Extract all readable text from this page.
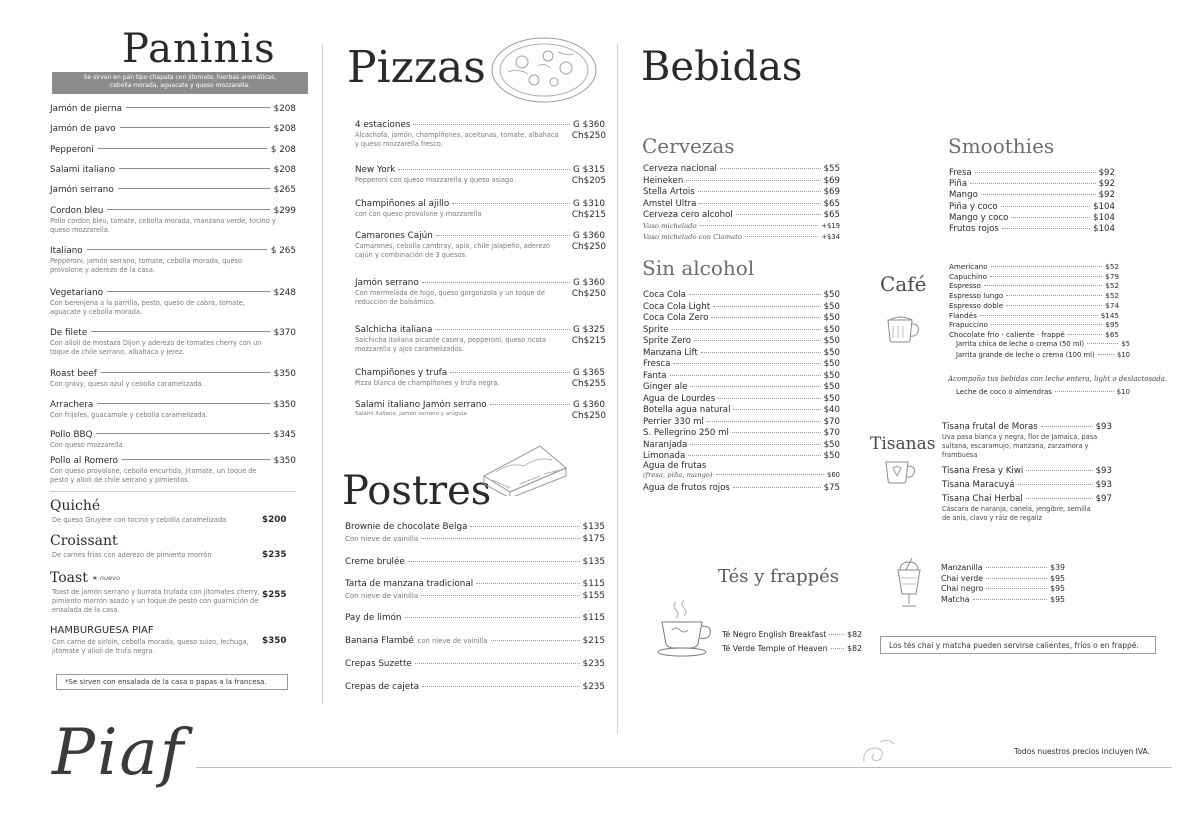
Paninis
Se sirven en pan tipo chapata con jitomate, hierbas aromáticas,
cebolla morada, aguacate y queso mozzarella.
Jamón de pierna	$208
Jamón de pavo	$208
Pepperoni	$ 208
Salami italiano	$208
Jamón serrano	$265
Cordon bleu	$299
Pollo cordon bleu, tomate, cebolla morada, manzana verde, tocino y queso mozzarella.
Italiano	$ 265
Pepperoni, jamón serrano, tomate, cebolla morada, queso provolone y aderezo de la casa.
Vegetariano	$248
Con berenjena a la parrilla, pesto, queso de cabra, tomate, aguacate y cebolla morada.
De filete	$370
Con alioli de mostaza Dijon y aderezo de tomates cherry con un toque de chile serrano, albahaca y jerez.
Roast beef	$350
Con gravy, queso azul y cebolla caramelizada.
Arrachera	$350
Con frijoles, guacamole y cebolla caramelizada.
Pollo BBQ	$345
Con queso mozzarella.
Pollo al Romero	$350
Con queso provolone, cebolla encurtida, jitomate, un toque de pesto y alioli de chile serrano y pimientos.
Quiché
De queso Gruyère con tocino y cebolla caramelizada	$200
Croissant
De carnes frías con aderezo de pimiento morrón	$235
Toast ★ nuevo
Toast de jamón serrano y burrata trufada con jitomates cherry, pimiento morrón asado y un toque de pesto con guarnición de ensalada de la casa.
$255
HAMBURGUESA PIAF
Con carne de sirloin, cebolla morada, queso suizo, lechuga, jitomate y alioli de trufa negra.
$350
*Se sirven con ensalada de la casa o papas a la francesa.
Pizzas
4 estaciones	G $360
Ch$250
Alcachofa, jamón, champiñones, aceitunas, tomate, albahaca y queso mozzarella fresco.
New York	G $315
Ch$205
Pepperoni con queso mozzarella y queso asiago.
Champiñones al ajillo	G $310
Ch$215
con con queso provolone y mozzarella
Camarones Cajún	G $360
Ch$250
Camarones, cebolla cambray, apio, chile jalapeño, aderezo cajún y combinación de 3 quesos.
Jamón serrano	G $360
Ch$250
Con mermelada de higo, queso gorgonzola y un toque de reducción de balsámico.
Salchicha italiana	G $325
Ch$215
Salchicha italiana picante casera, pepperoni, queso ricota mozzarella y ajos caramelizados.
Champiñones y trufa	G $365
Ch$255
Pizza blanca de champiñones y trufa negra.
Salami italiano Jamón serrano	G $360
Ch$250
Salami italiano, jamón serrano y arúgula
Postres
Brownie de chocolate Belga	$135
Con nieve de vainilla	$175
Creme brulée	$135
Tarta de manzana tradicional	$115
Con nieve de vainilla	$155
Pay de limón	$115
Banana Flambé con nieve de vainilla	$215
Crepas Suzette	$235
Crepas de cajeta	$235
Bebidas
Cervezas
Cerveza nacional	$55
Heineken	$69
Stella Artois	$69
Amstel Ultra	$65
Cerveza cero alcohol	$65
Vaso michelado	+$19
Vaso michelado con Clamato	+$34
Sin alcohol
Coca Cola	$50
Coca Cola Light	$50
Coca Cola Zero	$50
Sprite	$50
Sprite Zero	$50
Manzana Lift	$50
Fresca	$50
Fanta	$50
Ginger ale	$50
Agua de Lourdes	$50
Botella agua natural	$40
Perrier 330 ml	$70
S. Pellegrino 250 ml	$70
Naranjada	$50
Limonada	$50
Agua de frutas
(fresa, piña, mango)	$60
Agua de frutos rojos	$75
Smoothies
Fresa	$92
Piña	$92
Mango	$92
Piña y coco	$104
Mango y coco	$104
Frutos rojos	$104
Café
Americano	$52
Capuchino	$79
Espresso	$52
Espresso lungo	$52
Espresso doble	$74
Flandés	$145
Frapuccino	$95
Chocolate frío · caliente · frappé	$65
Jarrita chica de leche o crema (50 ml)	$5
Jarrita grande de leche o crema (100 ml)	$10
Acompaña tus bebidas con leche entera, light o deslactosada.
Leche de coco o almendras	$10
Tisanas
Tisana frutal de Moras	$93
Uva pasa blanca y negra, flor de Jamaica, pasa sultana, escaramujo, manzana, zarzamora y frambuesa
Tisana Fresa y Kiwi	$93
Tisana Maracuyá	$93
Tisana Chai Herbal	$97
Cáscara de naranja, canela, jengibre, semilla de anís, clavo y ráiz de regaliz
Tés y frappés
Té Negro English Breakfast	$82
Té Verde Temple of Heaven	$82
Manzanilla	$39
Chai verde	$95
Chai negro	$95
Matcha	$95
Los tés chai y matcha pueden servirse calientes, fríos o en frappé.
Piaf	Todos nuestros precios incluyen IVA.
